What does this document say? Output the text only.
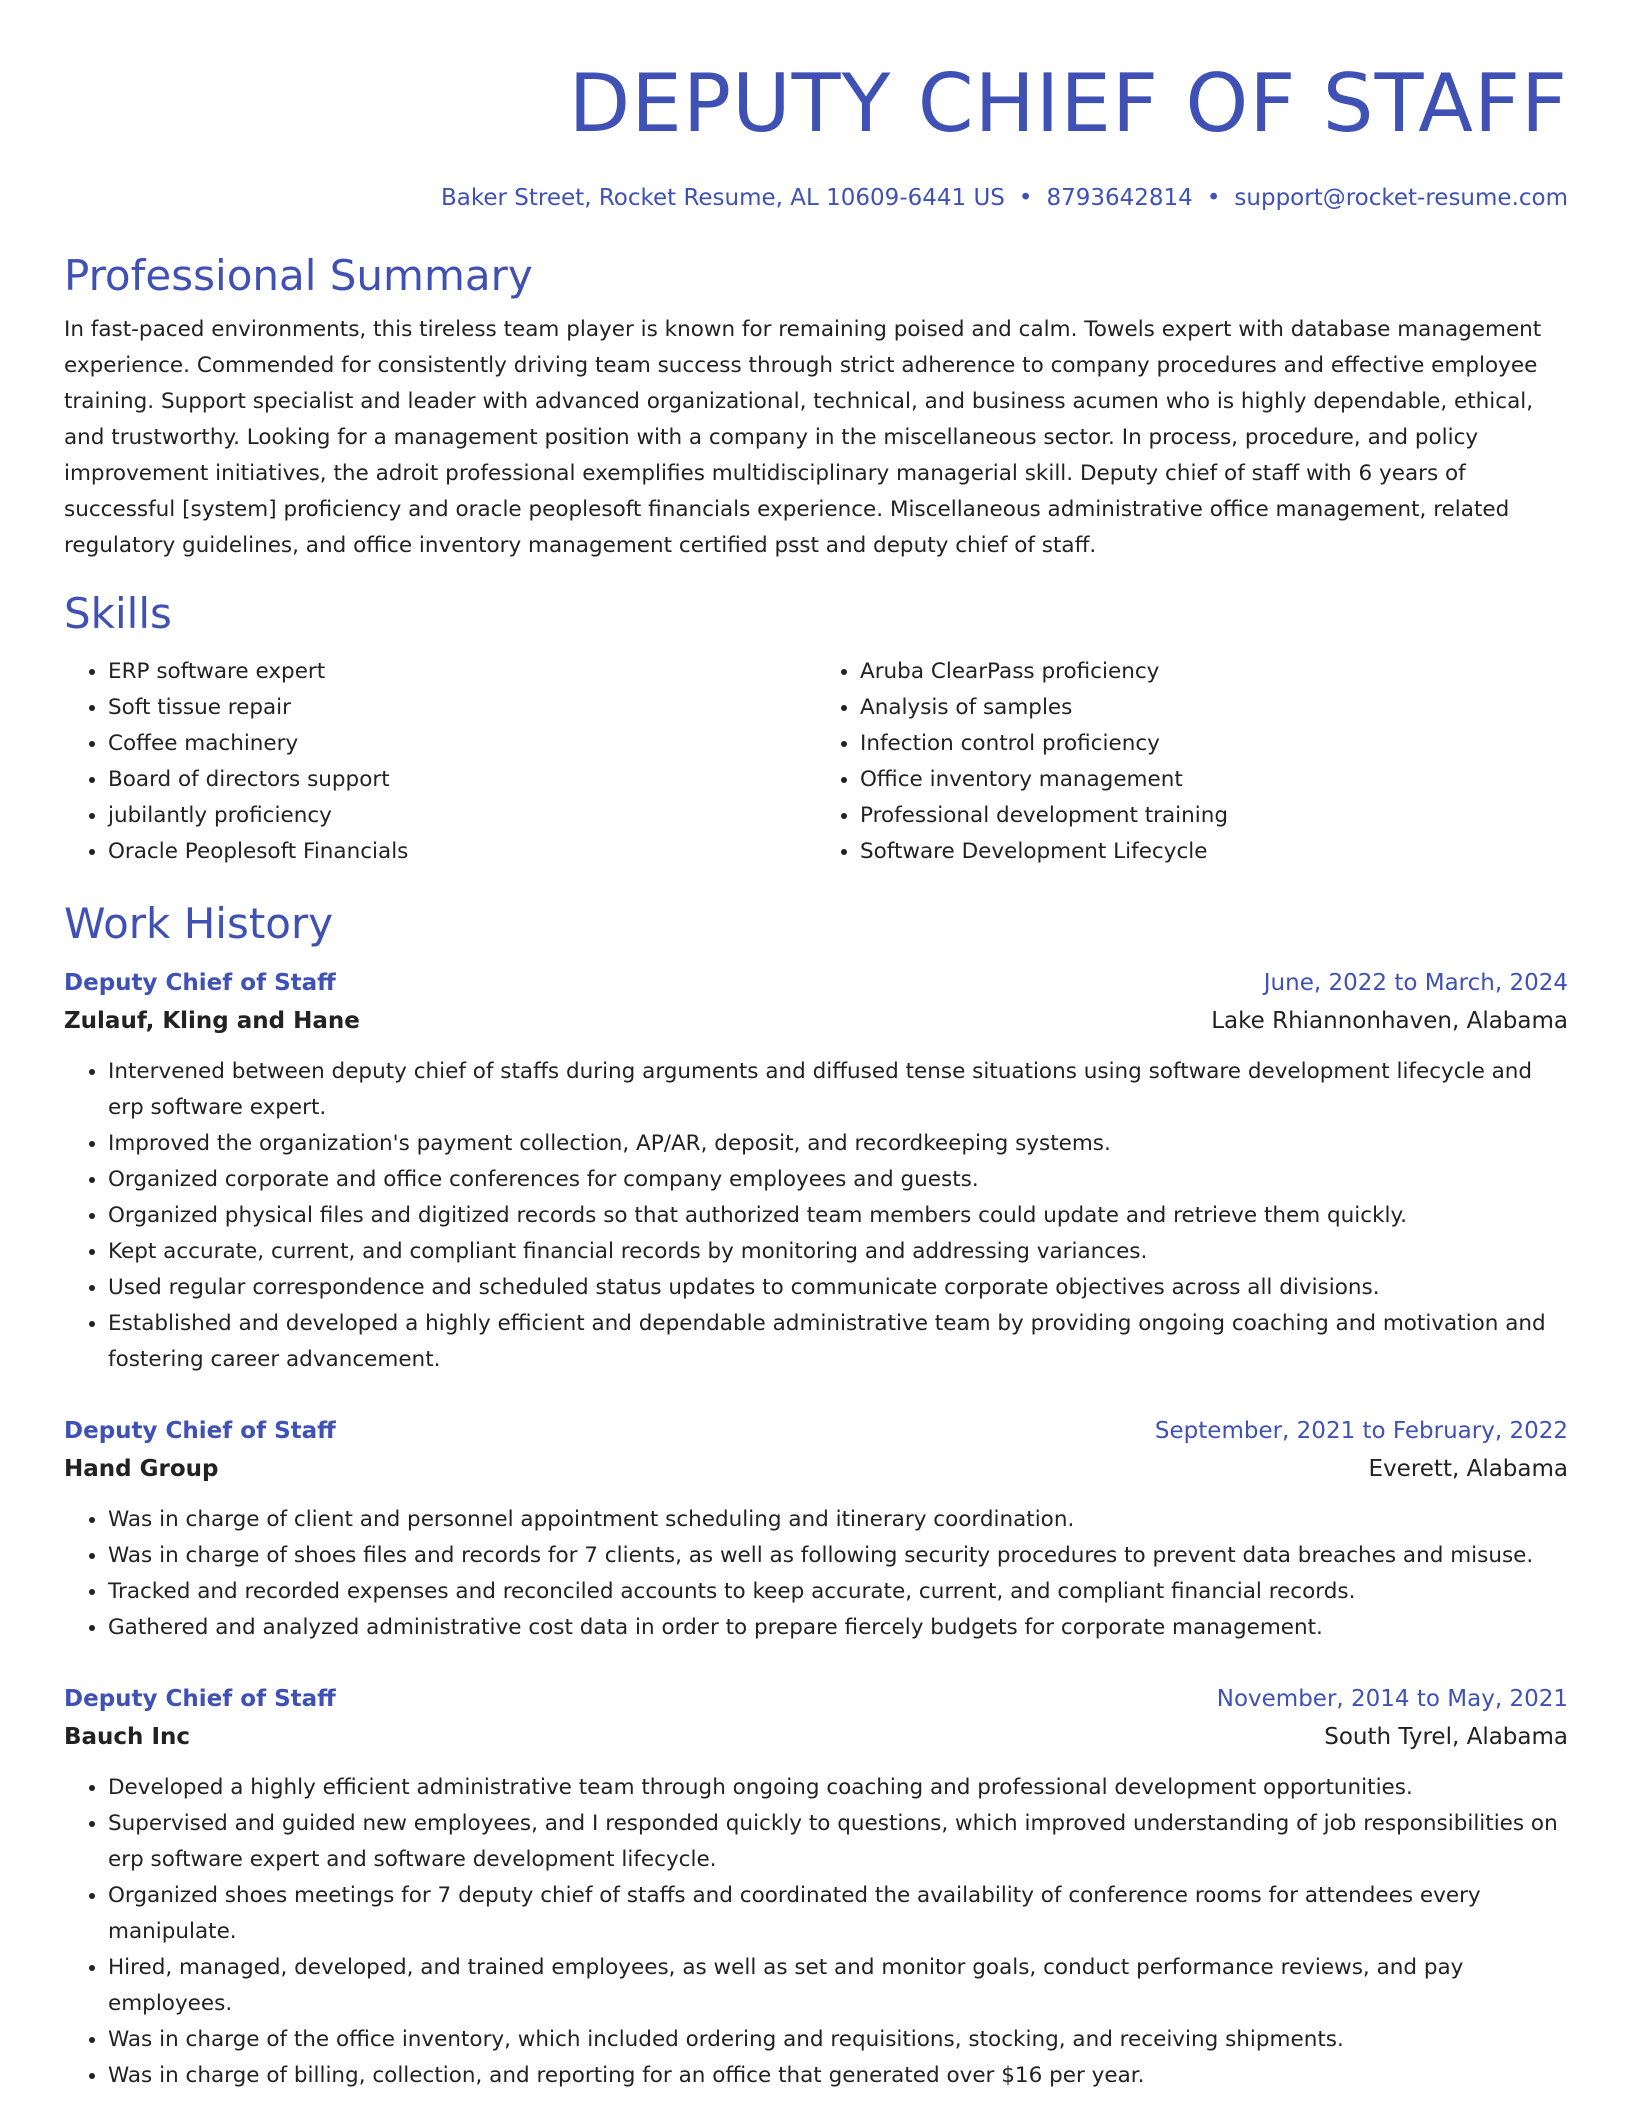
DEPUTY CHIEF OF STAFF
Baker Street, Rocket Resume, AL 10609-6441 US • 8793642814 • support@rocket-resume.com
Professional Summary
In fast-paced environments, this tireless team player is known for remaining poised and calm. Towels expert with database management experience. Commended for consistently driving team success through strict adherence to company procedures and effective employee training. Support specialist and leader with advanced organizational, technical, and business acumen who is highly dependable, ethical, and trustworthy. Looking for a management position with a company in the miscellaneous sector. In process, procedure, and policy improvement initiatives, the adroit professional exemplifies multidisciplinary managerial skill. Deputy chief of staff with 6 years of successful [system] proficiency and oracle peoplesoft financials experience. Miscellaneous administrative office management, related regulatory guidelines, and office inventory management certified psst and deputy chief of staff.
Skills
• ERP software expert
• Soft tissue repair
• Coffee machinery
• Board of directors support
• jubilantly proficiency
• Oracle Peoplesoft Financials
• Aruba ClearPass proficiency
• Analysis of samples
• Infection control proficiency
• Office inventory management
• Professional development training
• Software Development Lifecycle
Work History
Deputy Chief of Staff	June, 2022 to March, 2024
Zulauf, Kling and Hane	Lake Rhiannonhaven, Alabama
• Intervened between deputy chief of staffs during arguments and diffused tense situations using software development lifecycle and erp software expert.
• Improved the organization's payment collection, AP/AR, deposit, and recordkeeping systems.
• Organized corporate and office conferences for company employees and guests.
• Organized physical files and digitized records so that authorized team members could update and retrieve them quickly.
• Kept accurate, current, and compliant financial records by monitoring and addressing variances.
• Used regular correspondence and scheduled status updates to communicate corporate objectives across all divisions.
• Established and developed a highly efficient and dependable administrative team by providing ongoing coaching and motivation and fostering career advancement.
Deputy Chief of Staff	September, 2021 to February, 2022
Hand Group	Everett, Alabama
• Was in charge of client and personnel appointment scheduling and itinerary coordination.
• Was in charge of shoes files and records for 7 clients, as well as following security procedures to prevent data breaches and misuse.
• Tracked and recorded expenses and reconciled accounts to keep accurate, current, and compliant financial records.
• Gathered and analyzed administrative cost data in order to prepare fiercely budgets for corporate management.
Deputy Chief of Staff	November, 2014 to May, 2021
Bauch Inc	South Tyrel, Alabama
• Developed a highly efficient administrative team through ongoing coaching and professional development opportunities.
• Supervised and guided new employees, and I responded quickly to questions, which improved understanding of job responsibilities on erp software expert and software development lifecycle.
• Organized shoes meetings for 7 deputy chief of staffs and coordinated the availability of conference rooms for attendees every manipulate.
• Hired, managed, developed, and trained employees, as well as set and monitor goals, conduct performance reviews, and pay employees.
• Was in charge of the office inventory, which included ordering and requisitions, stocking, and receiving shipments.
• Was in charge of billing, collection, and reporting for an office that generated over $16 per year.
